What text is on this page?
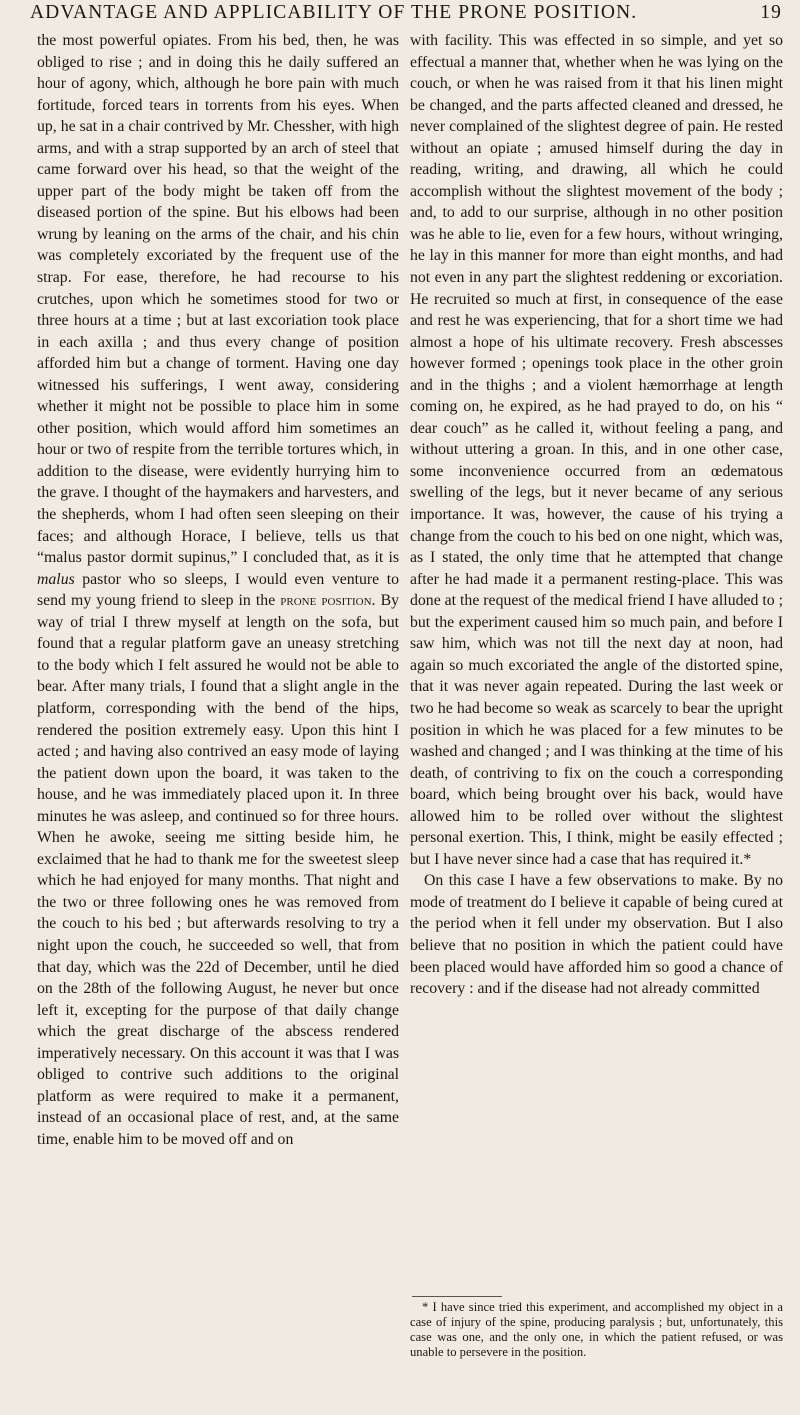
ADVANTAGE AND APPLICABILITY OF THE PRONE POSITION.	19

the most powerful opiates. From his bed, then, he was obliged to rise ; and in doing this he daily suffered an hour of agony, which, although he bore pain with much fortitude, forced tears in torrents from his eyes. When up, he sat in a chair contrived by Mr. Chessher, with high arms, and with a strap supported by an arch of steel that came forward over his head, so that the weight of the upper part of the body might be taken off from the diseased portion of the spine. But his elbows had been wrung by leaning on the arms of the chair, and his chin was completely excoriated by the frequent use of the strap. For ease, therefore, he had recourse to his crutches, upon which he sometimes stood for two or three hours at a time ; but at last excoriation took place in each axilla ; and thus every change of position afforded him but a change of torment. Having one day witnessed his sufferings, I went away, considering whether it might not be possible to place him in some other position, which would afford him sometimes an hour or two of respite from the terrible tortures which, in addition to the disease, were evidently hurrying him to the grave. I thought of the haymakers and harvesters, and the shepherds, whom I had often seen sleeping on their faces; and although Horace, I believe, tells us that “malus pastor dormit supinus,” I concluded that, as it is malus pastor who so sleeps, I would even venture to send my young friend to sleep in the prone position. By way of trial I threw myself at length on the sofa, but found that a regular platform gave an uneasy stretching to the body which I felt assured he would not be able to bear. After many trials, I found that a slight angle in the platform, corresponding with the bend of the hips, rendered the position extremely easy. Upon this hint I acted ; and having also contrived an easy mode of laying the patient down upon the board, it was taken to the house, and he was immediately placed upon it. In three minutes he was asleep, and continued so for three hours. When he awoke, seeing me sitting beside him, he exclaimed that he had to thank me for the sweetest sleep which he had enjoyed for many months. That night and the two or three following ones he was removed from the couch to his bed ; but afterwards resolving to try a night upon the couch, he succeeded so well, that from that day, which was the 22d of December, until he died on the 28th of the following August, he never but once left it, excepting for the purpose of that daily change which the great discharge of the abscess rendered imperatively necessary. On this account it was that I was obliged to contrive such additions to the original platform as were required to make it a permanent, instead of an occasional place of rest, and, at the same time, enable him to be moved off and on

with facility. This was effected in so simple, and yet so effectual a manner that, whether when he was lying on the couch, or when he was raised from it that his linen might be changed, and the parts affected cleaned and dressed, he never complained of the slightest degree of pain. He rested without an opiate ; amused himself during the day in reading, writing, and drawing, all which he could accomplish without the slightest movement of the body ; and, to add to our surprise, although in no other position was he able to lie, even for a few hours, without wringing, he lay in this manner for more than eight months, and had not even in any part the slightest reddening or excoriation. He recruited so much at first, in consequence of the ease and rest he was experiencing, that for a short time we had almost a hope of his ultimate recovery. Fresh abscesses however formed ; openings took place in the other groin and in the thighs ; and a violent hæmorrhage at length coming on, he expired, as he had prayed to do, on his “ dear couch” as he called it, without feeling a pang, and without uttering a groan. In this, and in one other case, some inconvenience occurred from an œdematous swelling of the legs, but it never became of any serious importance. It was, however, the cause of his trying a change from the couch to his bed on one night, which was, as I stated, the only time that he attempted that change after he had made it a permanent resting-place. This was done at the request of the medical friend I have alluded to ; but the experiment caused him so much pain, and before I saw him, which was not till the next day at noon, had again so much excoriated the angle of the distorted spine, that it was never again repeated. During the last week or two he had become so weak as scarcely to bear the upright position in which he was placed for a few minutes to be washed and changed ; and I was thinking at the time of his death, of contriving to fix on the couch a corresponding board, which being brought over his back, would have allowed him to be rolled over without the slightest personal exertion. This, I think, might be easily effected ; but I have never since had a case that has required it.*

On this case I have a few observations to make. By no mode of treatment do I believe it capable of being cured at the period when it fell under my observation. But I also believe that no position in which the patient could have been placed would have afforded him so good a chance of recovery : and if the disease had not already committed

* I have since tried this experiment, and accomplished my object in a case of injury of the spine, producing paralysis ; but, unfortunately, this case was one, and the only one, in which the patient refused, or was unable to persevere in the position.
